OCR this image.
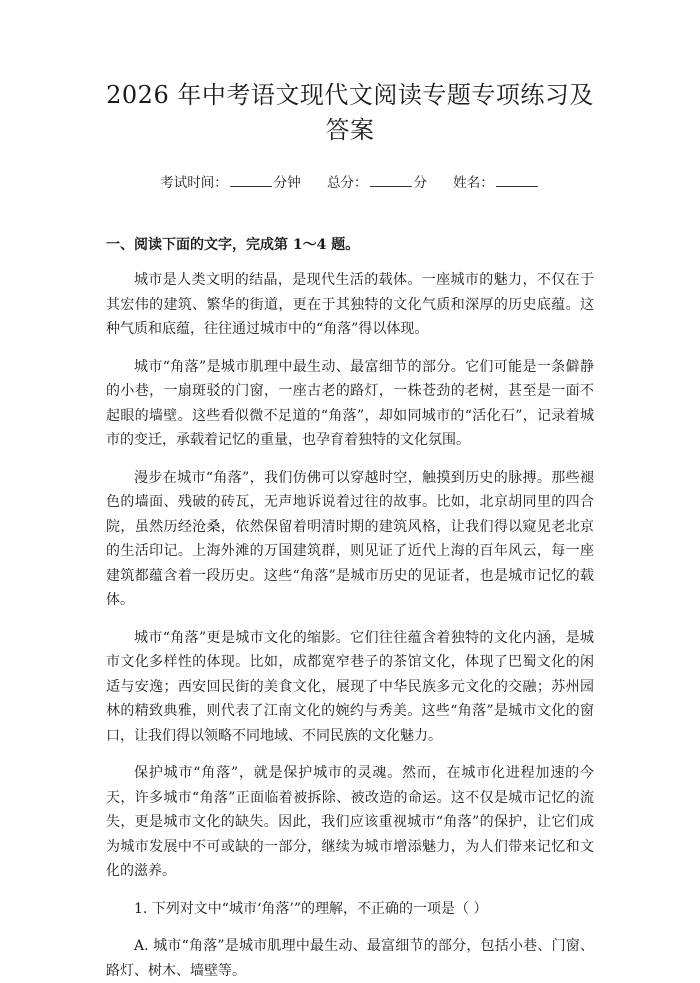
2026 年中考语文现代文阅读专题专项练习及答案
考试时间：	分钟 总分：	分 姓名：
一、阅读下面的文字，完成第 1～4 题。

城市是人类文明的结晶，是现代生活的载体。一座城市的魅力，不仅在于其宏伟的建筑、繁华的街道，更在于其独特的文化气质和深厚的历史底蕴。这种气质和底蕴，往往通过城市中的“角落”得以体现。

城市“角落”是城市肌理中最生动、最富细节的部分。它们可能是一条僻静的小巷，一扇斑驳的门窗，一座古老的路灯，一株苍劲的老树，甚至是一面不起眼的墙壁。这些看似微不足道的“角落”，却如同城市的“活化石”，记录着城市的变迁，承载着记忆的重量，也孕育着独特的文化氛围。

漫步在城市“角落”，我们仿佛可以穿越时空，触摸到历史的脉搏。那些褪色的墙面、残破的砖瓦，无声地诉说着过往的故事。比如，北京胡同里的四合院，虽然历经沧桑，依然保留着明清时期的建筑风格，让我们得以窥见老北京的生活印记。上海外滩的万国建筑群，则见证了近代上海的百年风云，每一座建筑都蕴含着一段历史。这些“角落”是城市历史的见证者，也是城市记忆的载体。

城市“角落”更是城市文化的缩影。它们往往蕴含着独特的文化内涵，是城市文化多样性的体现。比如，成都宽窄巷子的茶馆文化，体现了巴蜀文化的闲适与安逸；西安回民街的美食文化，展现了中华民族多元文化的交融；苏州园林的精致典雅，则代表了江南文化的婉约与秀美。这些“角落”是城市文化的窗口，让我们得以领略不同地域、不同民族的文化魅力。

保护城市“角落”，就是保护城市的灵魂。然而，在城市化进程加速的今天，许多城市“角落”正面临着被拆除、被改造的命运。这不仅是城市记忆的流失，更是城市文化的缺失。因此，我们应该重视城市“角落”的保护，让它们成为城市发展中不可或缺的一部分，继续为城市增添魅力，为人们带来记忆和文化的滋养。

1. 下列对文中“城市‘角落’”的理解，不正确的一项是（ ）

A. 城市“角落”是城市肌理中最生动、最富细节的部分，包括小巷、门窗、路灯、树木、墙壁等。
